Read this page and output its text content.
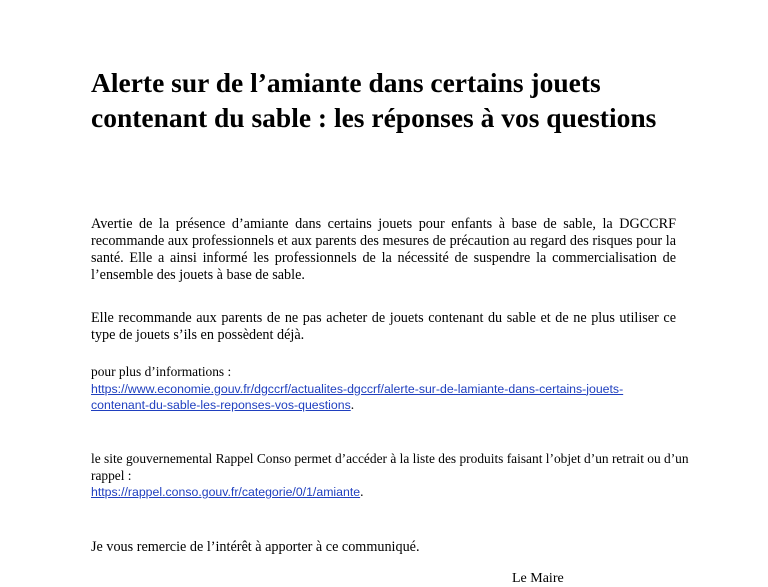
Alerte sur de l’amiante dans certains jouets contenant du sable : les réponses à vos questions

Avertie de la présence d’amiante dans certains jouets pour enfants à base de sable, la DGCCRF recommande aux professionnels et aux parents des mesures de précaution au regard des risques pour la santé. Elle a ainsi informé les professionnels de la nécessité de suspendre la commercialisation de l’ensemble des jouets à base de sable.

Elle recommande aux parents de ne pas acheter de jouets contenant du sable et de ne plus utiliser ce type de jouets s’ils en possèdent déjà.

pour plus d’informations :
https://www.economie.gouv.fr/dgccrf/actualites-dgccrf/alerte-sur-de-lamiante-dans-certains-jouets-
contenant-du-sable-les-reponses-vos-questions.
le site gouvernemental Rappel Conso permet d’accéder à la liste des produits faisant l’objet d’un retrait ou d’un rappel :
https://rappel.conso.gouv.fr/categorie/0/1/amiante.

Je vous remercie de l’intérêt à apporter à ce communiqué.

Le Maire
